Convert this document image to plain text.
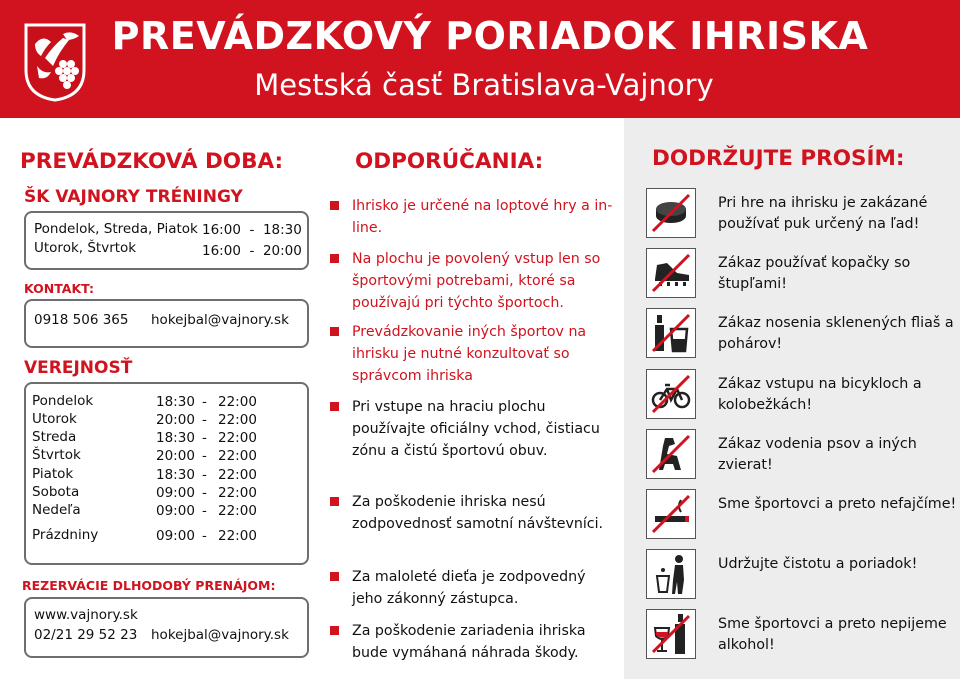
PREVÁDZKOVÝ PORIADOK IHRISKA
Mestská časť Bratislava-Vajnory
PREVÁDZKOVÁ DOBA:
ŠK VAJNORY TRÉNINGY
Pondelok, Streda, Piatok 16:00  -  18:30
Utorok, Štvrtok	16:00  -  20:00
KONTAKT:
0918 506 365 hokejbal@vajnory.sk
VEREJNOSŤ
Pondelok	18:30 - 22:00
Utorok	20:00 - 22:00
Streda	18:30 - 22:00
Štvrtok	20:00 - 22:00
Piatok	18:30 - 22:00
Sobota	09:00 - 22:00
Nedeľa	09:00 - 22:00
Prázdniny	09:00 - 22:00
REZERVÁCIE DLHODOBÝ PRENÁJOM:
www.vajnory.sk
02/21 29 52 23 hokejbal@vajnory.sk
ODPORÚČANIA:
Ihrisko je určené na loptové hry a in-line.
Na plochu je povolený vstup len so športovými potrebami, ktoré sa používajú pri týchto športoch.
Prevádzkovanie iných športov na ihrisku je nutné konzultovať so správcom ihriska
Pri vstupe na hraciu plochu používajte oficiálny vchod, čistiacu zónu a čistú športovú obuv.
Za poškodenie ihriska nesú zodpovednosť samotní návštevníci.
Za maloleté dieťa je zodpovedný jeho zákonný zástupca.
Za poškodenie zariadenia ihriska bude vymáhaná náhrada škody.
DODRŽUJTE PROSÍM:
Pri hre na ihrisku je zakázané používať puk určený na ľad!
Zákaz používať kopačky so štupľami!
Zákaz nosenia sklenených fliaš a pohárov!
Zákaz vstupu na bicykloch a kolobežkách!
Zákaz vodenia psov a iných zvierat!
Sme športovci a preto nefajčíme!
Udržujte čistotu a poriadok!
Sme športovci a preto nepijeme alkohol!
